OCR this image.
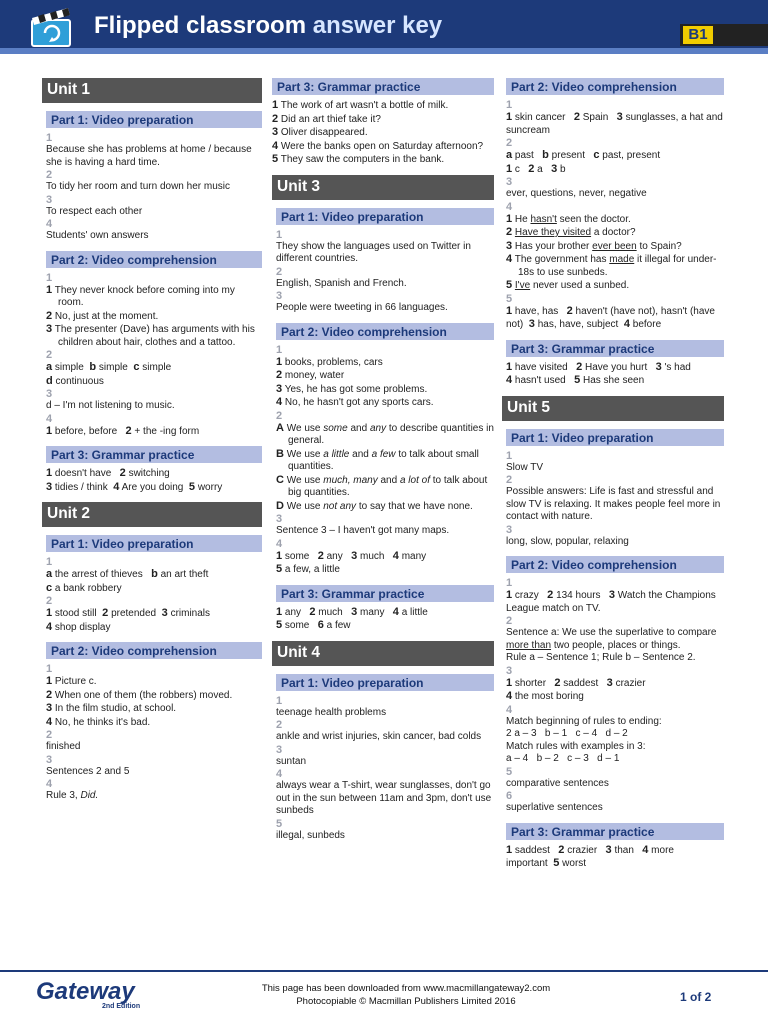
Flipped classroom answer key	B1
Unit 1
Part 1: Video preparation
1
Because she has problems at home / because she is having a hard time.
2
To tidy her room and turn down her music
3
To respect each other
4
Students' own answers
Part 2: Video comprehension
1
1 They never knock before coming into my room.
2 No, just at the moment.
3 The presenter (Dave) has arguments with his children about hair, clothes and a tattoo.
2
a simple b simple c simple
d continuous
3
d – I'm not listening to music.
4
1 before, before 2 + the -ing form
Part 3: Grammar practice
1 doesn't have 2 switching
3 tidies / think 4 Are you doing 5 worry
Unit 2
Part 1: Video preparation
1
a the arrest of thieves b an art theft
c a bank robbery
2
1 stood still 2 pretended 3 criminals
4 shop display
Part 2: Video comprehension
1
1 Picture c.
2 When one of them (the robbers) moved.
3 In the film studio, at school.
4 No, he thinks it's bad.
2
finished
3
Sentences 2 and 5
4
Rule 3, Did.
Part 3: Grammar practice
1 The work of art wasn't a bottle of milk.
2 Did an art thief take it?
3 Oliver disappeared.
4 Were the banks open on Saturday afternoon?
5 They saw the computers in the bank.
Unit 3
Part 1: Video preparation
1
They show the languages used on Twitter in different countries.
2
English, Spanish and French.
3
People were tweeting in 66 languages.
Part 2: Video comprehension
1
1 books, problems, cars
2 money, water
3 Yes, he has got some problems.
4 No, he hasn't got any sports cars.
2
A We use some and any to describe quantities in general.
B We use a little and a few to talk about small quantities.
C We use much, many and a lot of to talk about big quantities.
D We use not any to say that we have none.
3
Sentence 3 – I haven't got many maps.
4
1 some 2 any 3 much 4 many
5 a few, a little
Part 3: Grammar practice
1 any 2 much 3 many 4 a little
5 some 6 a few
Unit 4
Part 1: Video preparation
1
teenage health problems
2
ankle and wrist injuries, skin cancer, bad colds
3
suntan
4
always wear a T-shirt, wear sunglasses, don't go out in the sun between 11am and 3pm, don't use sunbeds
5
illegal, sunbeds
Part 2: Video comprehension
1
1 skin cancer 2 Spain 3 sunglasses, a hat and suncream
2
a past b present c past, present
1 c 2 a 3 b
3
ever, questions, never, negative
4
1 He hasn't seen the doctor.
2 Have they visited a doctor?
3 Has your brother ever been to Spain?
4 The government has made it illegal for under-18s to use sunbeds.
5 I've never used a sunbed.
5
1 have, has 2 haven't (have not), hasn't (have not) 3 has, have, subject 4 before
Part 3: Grammar practice
1 have visited 2 Have you hurt 3 's had
4 hasn't used 5 Has she seen
Unit 5
Part 1: Video preparation
1
Slow TV
2
Possible answers: Life is fast and stressful and slow TV is relaxing. It makes people feel more in contact with nature.
3
long, slow, popular, relaxing
Part 2: Video comprehension
1
1 crazy 2 134 hours 3 Watch the Champions League match on TV.
2
Sentence a: We use the superlative to compare more than two people, places or things.
Rule a – Sentence 1; Rule b – Sentence 2.
3
1 shorter 2 saddest 3 crazier
4 the most boring
4
Match beginning of rules to ending:
2 a – 3   b – 1   c – 4   d – 2
Match rules with examples in 3:
a – 4   b – 2   c – 3   d – 1
5
comparative sentences
6
superlative sentences
Part 3: Grammar practice
1 saddest 2 crazier 3 than 4 more important 5 worst
Gateway
2nd Edition
This page has been downloaded from www.macmillangateway2.com
Photocopiable © Macmillan Publishers Limited 2016	1 of 2
